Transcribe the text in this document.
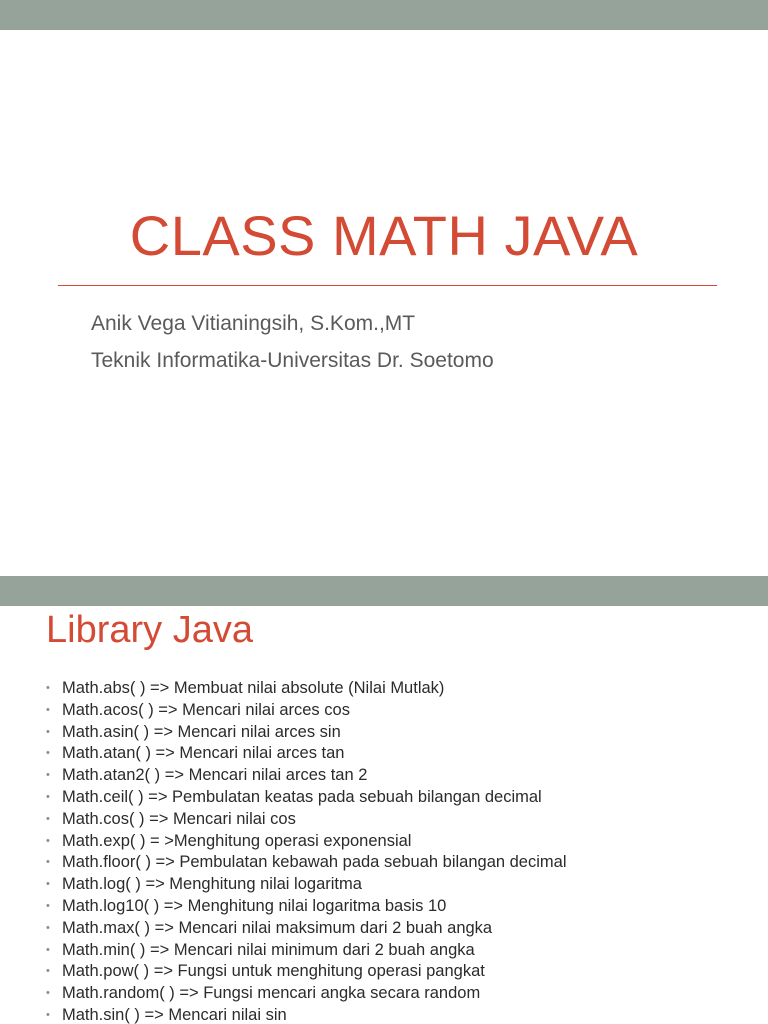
CLASS MATH JAVA
Anik Vega Vitianingsih, S.Kom.,MT
Teknik Informatika-Universitas Dr. Soetomo
Library Java
• Math.abs( ) => Membuat nilai absolute (Nilai Mutlak)
• Math.acos( ) => Mencari nilai arces cos
• Math.asin( ) => Mencari nilai arces sin
• Math.atan( ) => Mencari nilai arces tan
• Math.atan2( ) => Mencari nilai arces tan 2
• Math.ceil( ) => Pembulatan keatas pada sebuah bilangan decimal
• Math.cos( ) => Mencari nilai cos
• Math.exp( ) = >Menghitung operasi exponensial
• Math.floor( ) => Pembulatan kebawah pada sebuah bilangan decimal
• Math.log( ) => Menghitung nilai logaritma
• Math.log10( ) => Menghitung nilai logaritma basis 10
• Math.max( ) => Mencari nilai maksimum dari 2 buah angka
• Math.min( ) => Mencari nilai minimum dari 2 buah angka
• Math.pow( ) => Fungsi untuk menghitung operasi pangkat
• Math.random( ) => Fungsi mencari angka secara random
• Math.sin( ) => Mencari nilai sin
